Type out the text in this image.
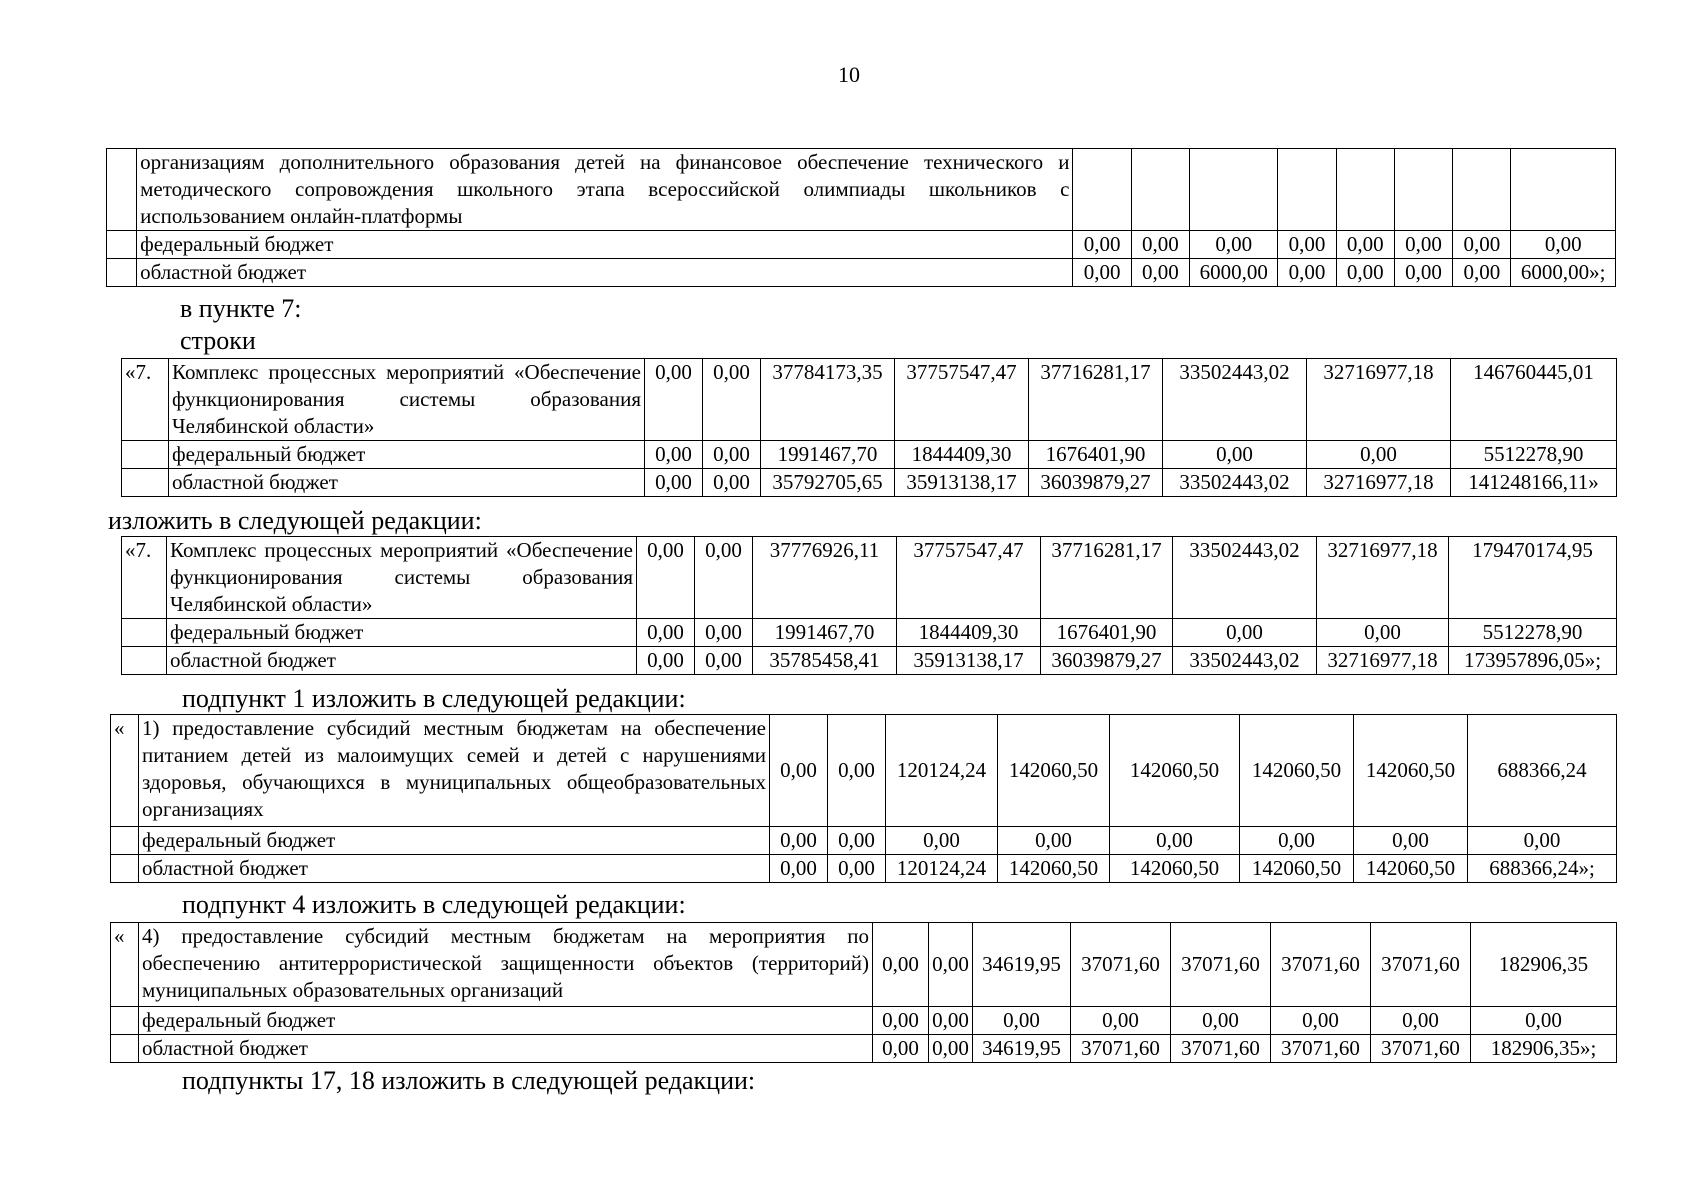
10
	организациям дополнительного образования детей на финансовое обеспечение технического и методического сопровождения школьного этапа всероссийской олимпиады школьников с использованием онлайн-платформы								
	федеральный бюджет	0,00	0,00	0,00	0,00	0,00	0,00	0,00	0,00
	областной бюджет	0,00	0,00	6000,00	0,00	0,00	0,00	0,00	6000,00»;
в пункте 7:
строки
«7.	Комплекс процессных мероприятий «Обеспечение функционирования системы образования Челябинской области»	0,00	0,00	37784173,35	37757547,47	37716281,17	33502443,02	32716977,18	146760445,01
	федеральный бюджет	0,00	0,00	1991467,70	1844409,30	1676401,90	0,00	0,00	5512278,90
	областной бюджет	0,00	0,00	35792705,65	35913138,17	36039879,27	33502443,02	32716977,18	141248166,11»
изложить в следующей редакции:
«7.	Комплекс процессных мероприятий «Обеспечение функционирования системы образования Челябинской области»	0,00	0,00	37776926,11	37757547,47	37716281,17	33502443,02	32716977,18	179470174,95
	федеральный бюджет	0,00	0,00	1991467,70	1844409,30	1676401,90	0,00	0,00	5512278,90
	областной бюджет	0,00	0,00	35785458,41	35913138,17	36039879,27	33502443,02	32716977,18	173957896,05»;
подпункт 1 изложить в следующей редакции:
«	1) предоставление субсидий местным бюджетам на обеспечение питанием детей из малоимущих семей и детей с нарушениями здоровья, обучающихся в муниципальных общеобразовательных организациях	0,00	0,00	120124,24	142060,50	142060,50	142060,50	142060,50	688366,24
	федеральный бюджет	0,00	0,00	0,00	0,00	0,00	0,00	0,00	0,00
	областной бюджет	0,00	0,00	120124,24	142060,50	142060,50	142060,50	142060,50	688366,24»;
подпункт 4 изложить в следующей редакции:
«	4) предоставление субсидий местным бюджетам на мероприятия по обеспечению антитеррористической защищенности объектов (территорий) муниципальных образовательных организаций	0,00	0,00	34619,95	37071,60	37071,60	37071,60	37071,60	182906,35
	федеральный бюджет	0,00	0,00	0,00	0,00	0,00	0,00	0,00	0,00
	областной бюджет	0,00	0,00	34619,95	37071,60	37071,60	37071,60	37071,60	182906,35»;
подпункты 17, 18 изложить в следующей редакции:
